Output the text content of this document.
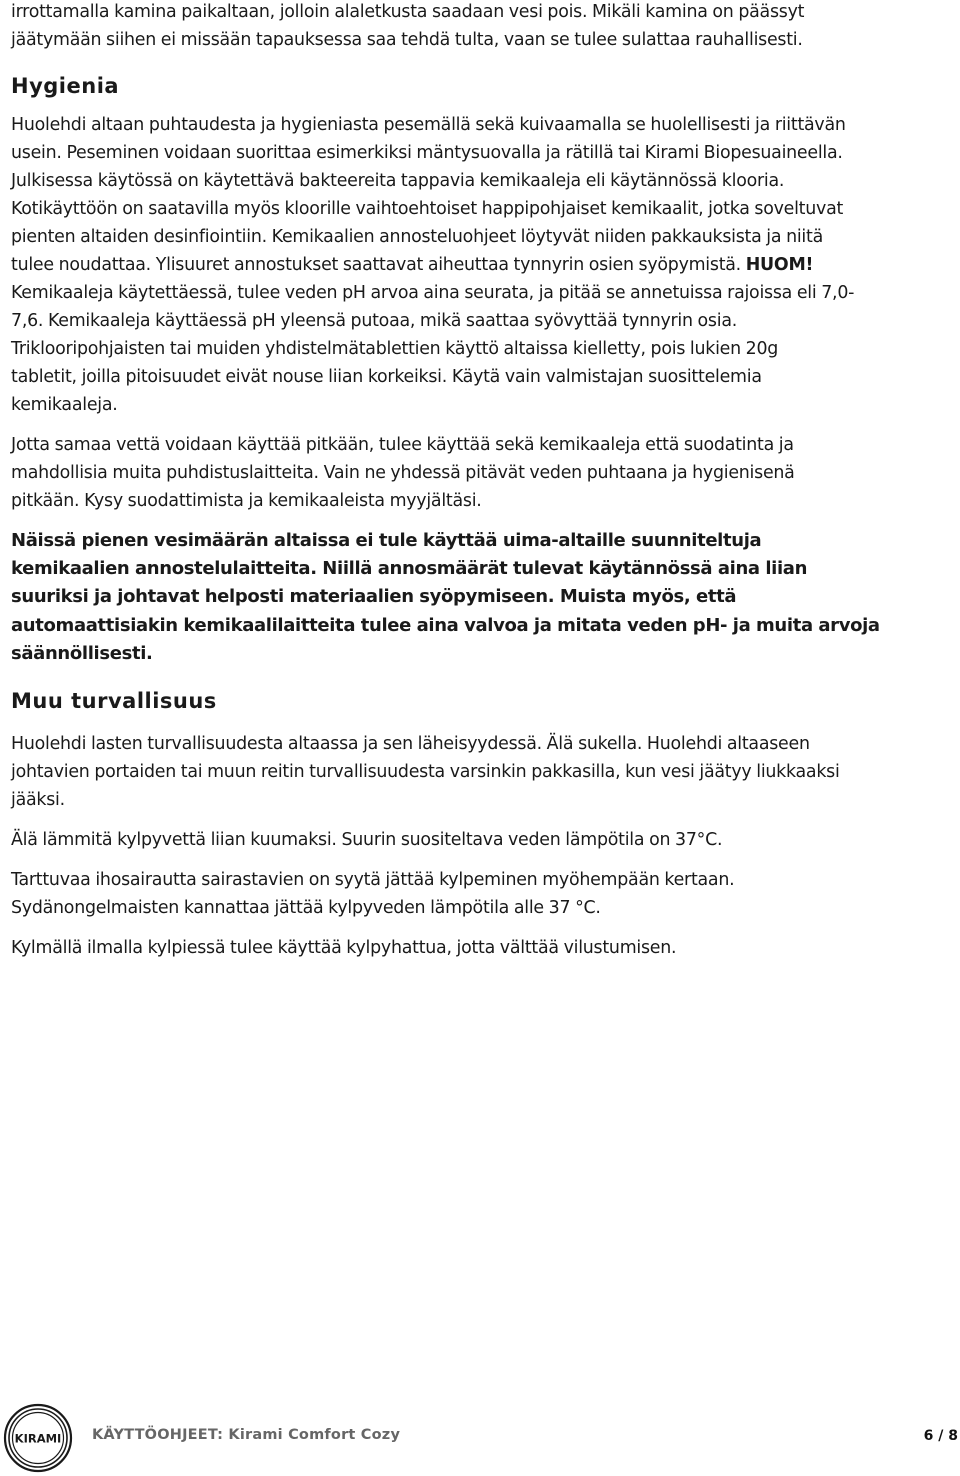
irrottamalla kamina paikaltaan, jolloin alaletkusta saadaan vesi pois. Mikäli kamina on päässyt
jäätymään siihen ei missään tapauksessa saa tehdä tulta, vaan se tulee sulattaa rauhallisesti.

Hygienia

Huolehdi altaan puhtaudesta ja hygieniasta pesemällä sekä kuivaamalla se huolellisesti ja riittävän
usein. Peseminen voidaan suorittaa esimerkiksi mäntysuovalla ja rätillä tai Kirami Biopesuaineella.
Julkisessa käytössä on käytettävä bakteereita tappavia kemikaaleja eli käytännössä klooria.
Kotikäyttöön on saatavilla myös kloorille vaihtoehtoiset happipohjaiset kemikaalit, jotka soveltuvat
pienten altaiden desinfiointiin. Kemikaalien annosteluohjeet löytyvät niiden pakkauksista ja niitä
tulee noudattaa. Ylisuuret annostukset saattavat aiheuttaa tynnyrin osien syöpymistä. HUOM!
Kemikaaleja käytettäessä, tulee veden pH arvoa aina seurata, ja pitää se annetuissa rajoissa eli 7,0-
7,6. Kemikaaleja käyttäessä pH yleensä putoaa, mikä saattaa syövyttää tynnyrin osia.
Triklooripohjaisten tai muiden yhdistelmätablettien käyttö altaissa kielletty, pois lukien 20g
tabletit, joilla pitoisuudet eivät nouse liian korkeiksi. Käytä vain valmistajan suosittelemia
kemikaaleja.

Jotta samaa vettä voidaan käyttää pitkään, tulee käyttää sekä kemikaaleja että suodatinta ja
mahdollisia muita puhdistuslaitteita. Vain ne yhdessä pitävät veden puhtaana ja hygienisenä
pitkään. Kysy suodattimista ja kemikaaleista myyjältäsi.

Näissä pienen vesimäärän altaissa ei tule käyttää uima-altaille suunniteltuja
kemikaalien annostelulaitteita. Niillä annosmäärät tulevat käytännössä aina liian
suuriksi ja johtavat helposti materiaalien syöpymiseen. Muista myös, että
automaattisiakin kemikaalilaitteita tulee aina valvoa ja mitata veden pH- ja muita arvoja
säännöllisesti.

Muu turvallisuus

Huolehdi lasten turvallisuudesta altaassa ja sen läheisyydessä. Älä sukella. Huolehdi altaaseen
johtavien portaiden tai muun reitin turvallisuudesta varsinkin pakkasilla, kun vesi jäätyy liukkaaksi
jääksi.

Älä lämmitä kylpyvettä liian kuumaksi. Suurin suositeltava veden lämpötila on 37°C.

Tarttuvaa ihosairautta sairastavien on syytä jättää kylpeminen myöhempään kertaan.
Sydänongelmaisten kannattaa jättää kylpyveden lämpötila alle 37 °C.

Kylmällä ilmalla kylpiessä tulee käyttää kylpyhattua, jotta välttää vilustumisen.

KIRAMI KÄYTTÖOHJEET: Kirami Comfort Cozy	6 / 8
